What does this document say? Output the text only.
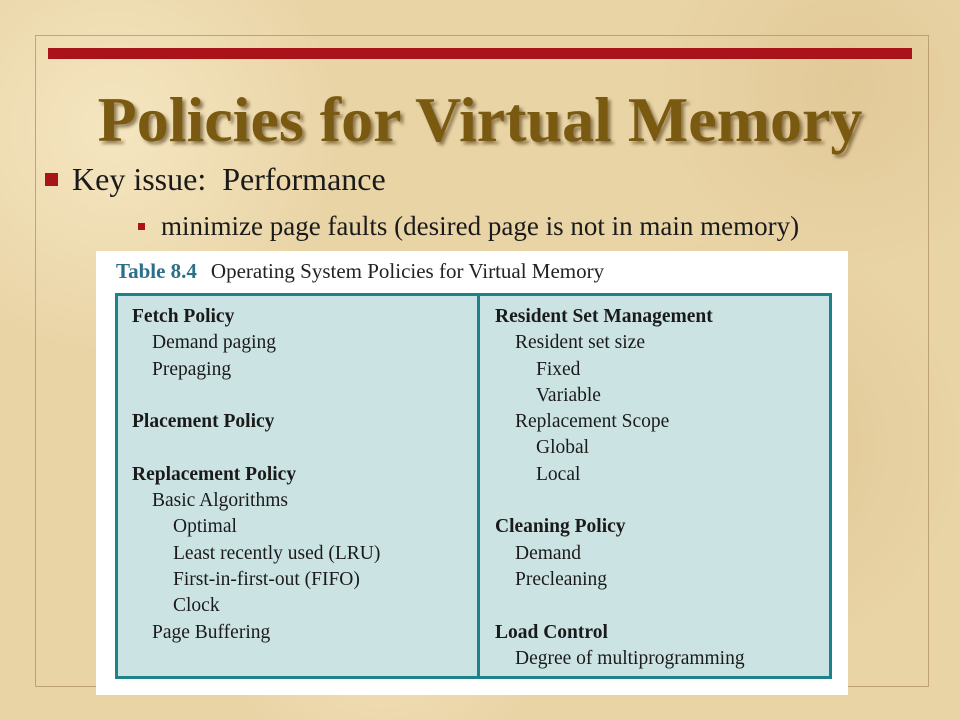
Policies for Virtual Memory
Key issue:  Performance
minimize page faults (desired page is not in main memory)
Table 8.4 Operating System Policies for Virtual Memory
Fetch Policy
Demand paging
Prepaging
Placement Policy
Replacement Policy
Basic Algorithms
Optimal
Least recently used (LRU)
First-in-first-out (FIFO)
Clock
Page Buffering
Resident Set Management
Resident set size
Fixed
Variable
Replacement Scope
Global
Local
Cleaning Policy
Demand
Precleaning
Load Control
Degree of multiprogramming
